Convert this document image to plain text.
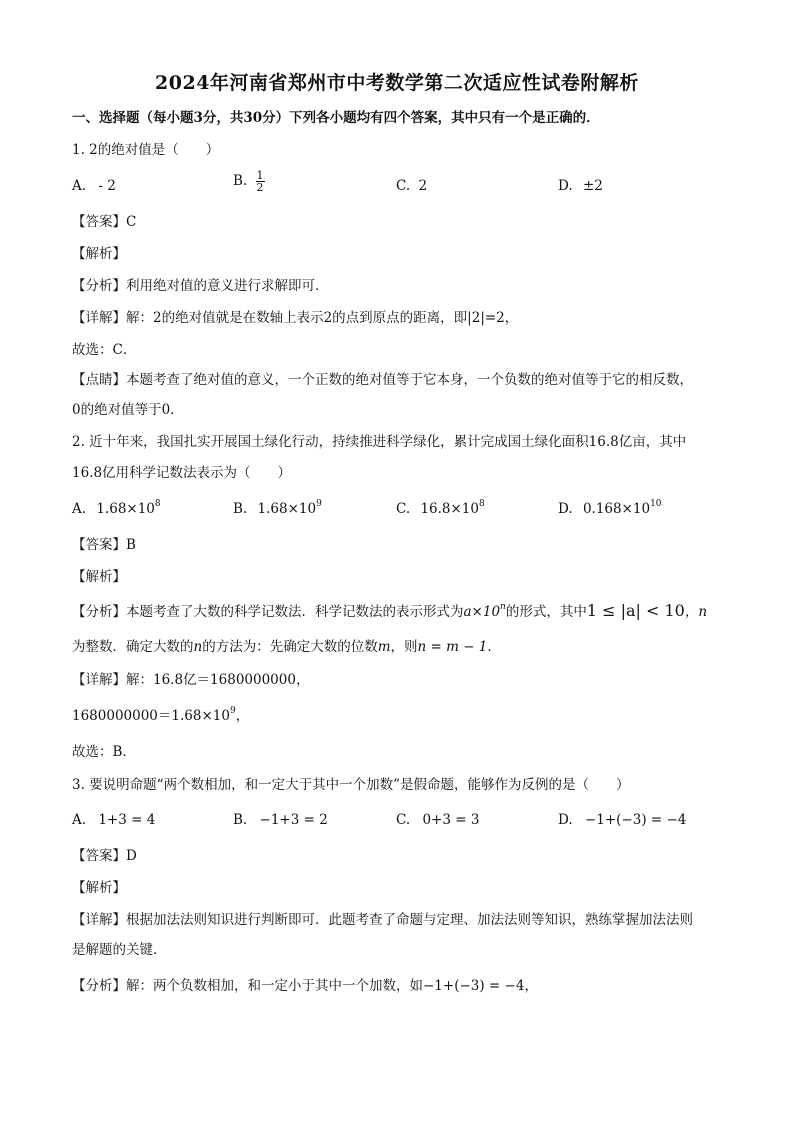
2024年河南省郑州市中考数学第二次适应性试卷附解析
一、选择题（每小题3分，共30分）下列各小题均有四个答案，其中只有一个是正确的．
1. 2的绝对值是（　　）
A. - 2	B. $\frac{1}{2}$	C. 2	D. ±2
【答案】C
【解析】
【分析】利用绝对值的意义进行求解即可．
【详解】解：2的绝对值就是在数轴上表示2的点到原点的距离，即|2|=2，
故选：C．
【点睛】本题考查了绝对值的意义，一个正数的绝对值等于它本身，一个负数的绝对值等于它的相反数，
0的绝对值等于0．
2. 近十年来，我国扎实开展国土绿化行动，持续推进科学绿化，累计完成国土绿化面积16.8亿亩，其中
16.8亿用科学记数法表示为（　　）
A. $1.68\times 10^8$	B. $1.68\times 10^9$	C. $16.8\times 10^8$	D. $0.168\times 10^{10}$
【答案】B
【解析】
【分析】本题考查了大数的科学记数法．科学记数法的表示形式为$a\times 10^n$的形式，其中1 ≤ |a| < 10，n
为整数．确定大数的n的方法为：先确定大数的位数m，则n = m − 1．
【详解】解：16.8亿＝1680000000，
$1680000000=1.68\times 10^9$，
故选：B．
3. 要说明命题“两个数相加，和一定大于其中一个加数”是假命题，能够作为反例的是（　　）
A. 1+3 = 4	B. −1+3 = 2	C. 0+3 = 3	D. −1+(−3) = −4
【答案】D
【解析】
【详解】根据加法法则知识进行判断即可．此题考查了命题与定理、加法法则等知识，熟练掌握加法法则
是解题的关键．
【分析】解：两个负数相加，和一定小于其中一个加数，如−1+(−3) = −4，
